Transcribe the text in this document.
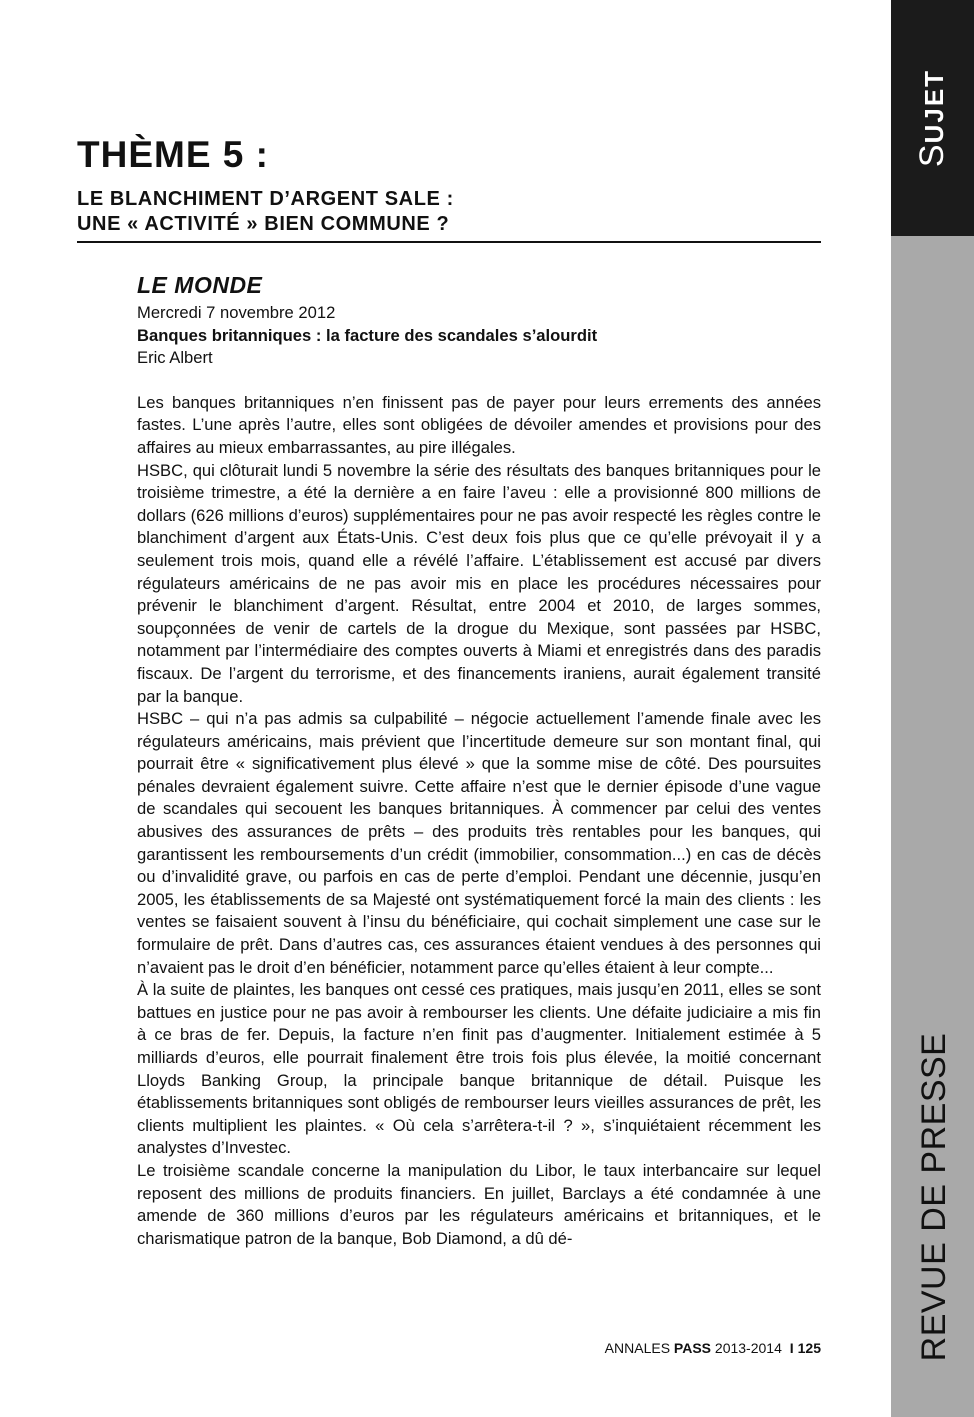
SUJET
REVUE DE PRESSE
THÈME 5 :
LE BLANCHIMENT D’ARGENT SALE :
UNE « ACTIVITÉ » BIEN COMMUNE ?
LE MONDE

Mercredi 7 novembre 2012

Banques britanniques : la facture des scandales s’alourdit

Eric Albert

Les banques britanniques n’en finissent pas de payer pour leurs errements des années fastes. L’une après l’autre, elles sont obligées de dévoiler amendes et provisions pour des affaires au mieux embarrassantes, au pire illégales.

HSBC, qui clôturait lundi 5 novembre la série des résultats des banques britanniques pour le troisième trimestre, a été la dernière a en faire l’aveu : elle a provisionné 800 millions de dollars (626 millions d’euros) supplémentaires pour ne pas avoir respecté les règles contre le blanchiment d’argent aux États-Unis. C’est deux fois plus que ce qu’elle prévoyait il y a seulement trois mois, quand elle a révélé l’affaire. L’établissement est accusé par divers régulateurs américains de ne pas avoir mis en place les procédures nécessaires pour prévenir le blanchiment d’argent. Résultat, entre 2004 et 2010, de larges sommes, soupçonnées de venir de cartels de la drogue du Mexique, sont passées par HSBC, notamment par l’intermédiaire des comptes ouverts à Miami et enregistrés dans des paradis fiscaux. De l’argent du terrorisme, et des financements iraniens, aurait également transité par la banque.

HSBC – qui n’a pas admis sa culpabilité – négocie actuellement l’amende finale avec les régulateurs américains, mais prévient que l’incertitude demeure sur son montant final, qui pourrait être « significativement plus élevé » que la somme mise de côté. Des poursuites pénales devraient également suivre. Cette affaire n’est que le dernier épisode d’une vague de scandales qui secouent les banques britanniques. À commencer par celui des ventes abusives des assurances de prêts – des produits très rentables pour les banques, qui garantissent les remboursements d’un crédit (immobilier, consommation...) en cas de décès ou d’invalidité grave, ou parfois en cas de perte d’emploi. Pendant une décennie, jusqu’en 2005, les établissements de sa Majesté ont systématiquement forcé la main des clients : les ventes se faisaient souvent à l’insu du bénéficiaire, qui cochait simplement une case sur le formulaire de prêt. Dans d’autres cas, ces assurances étaient vendues à des personnes qui n’avaient pas le droit d’en bénéficier, notamment parce qu’elles étaient à leur compte...

À la suite de plaintes, les banques ont cessé ces pratiques, mais jusqu’en 2011, elles se sont battues en justice pour ne pas avoir à rembourser les clients. Une défaite judiciaire a mis fin à ce bras de fer. Depuis, la facture n’en finit pas d’augmenter. Initialement estimée à 5 milliards d’euros, elle pourrait finalement être trois fois plus élevée, la moitié concernant Lloyds Banking Group, la principale banque britannique de détail. Puisque les établissements britanniques sont obligés de rembourser leurs vieilles assurances de prêt, les clients multiplient les plaintes. « Où cela s’arrêtera-t-il ? », s’inquiétaient récemment les analystes d’Investec.

Le troisième scandale concerne la manipulation du Libor, le taux interbancaire sur lequel reposent des millions de produits financiers. En juillet, Barclays a été condamnée à une amende de 360 millions d’euros par les régulateurs américains et britanniques, et le charismatique patron de la banque, Bob Diamond, a dû dé-

ANNALES PASS 2013-2014 I 125
